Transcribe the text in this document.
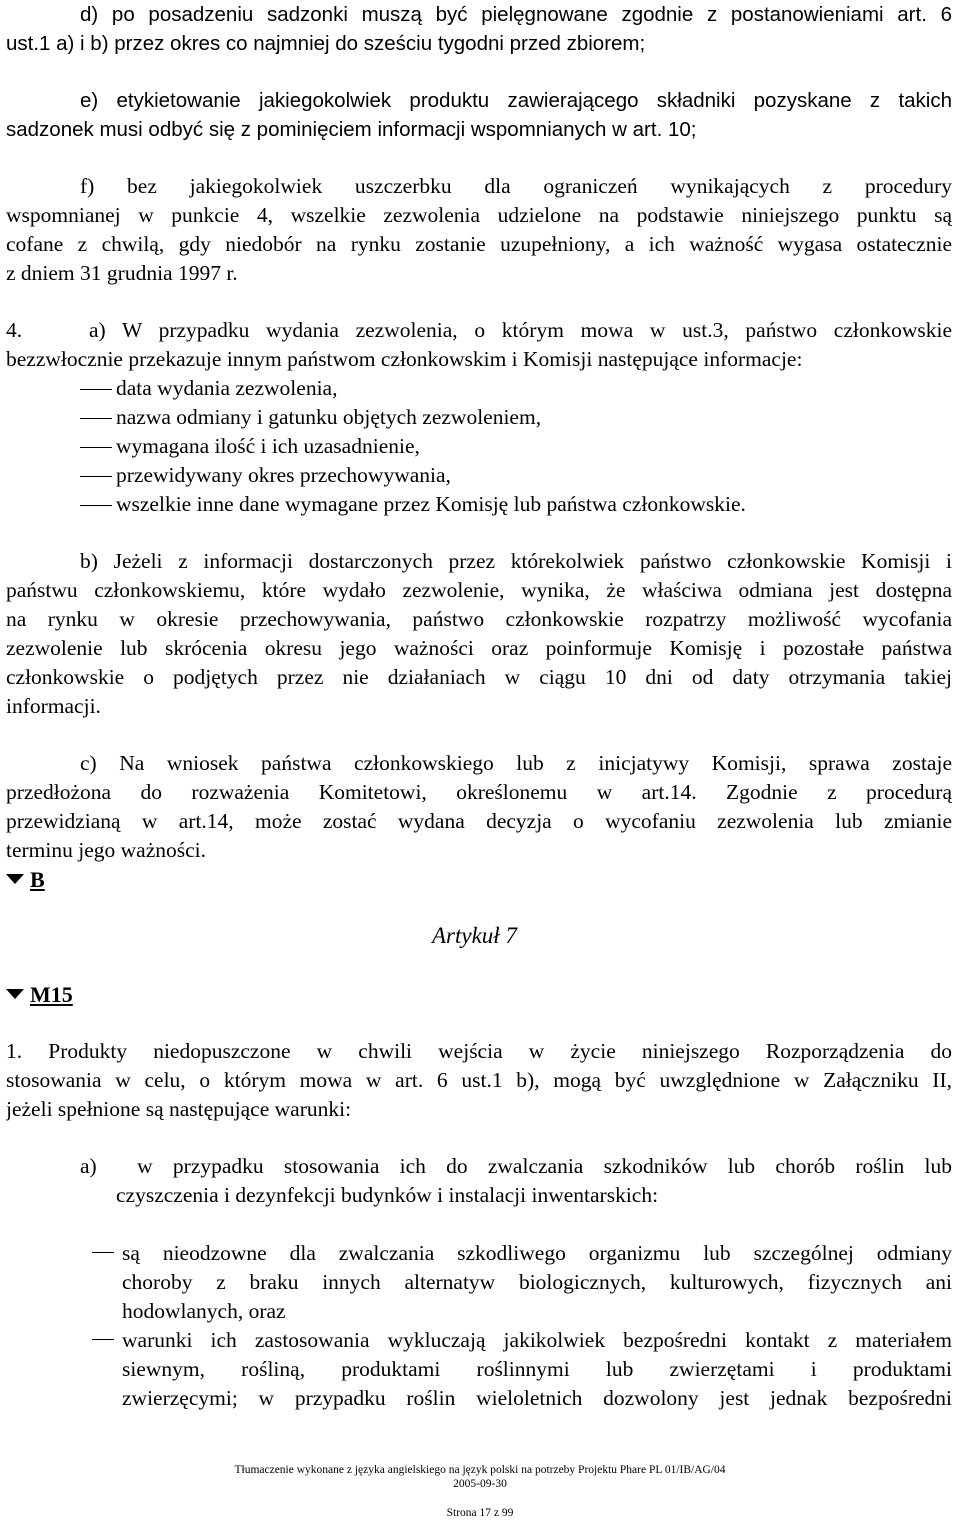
d) po posadzeniu sadzonki muszą być pielęgnowane zgodnie z postanowieniami art. 6
ust.1 a) i b) przez okres co najmniej do sześciu tygodni przed zbiorem;
e) etykietowanie jakiegokolwiek produktu zawierającego składniki pozyskane z takich
sadzonek musi odbyć się z pominięciem informacji wspomnianych w art. 10;
f) bez jakiegokolwiek uszczerbku dla ograniczeń wynikających z procedury
wspomnianej w punkcie 4, wszelkie zezwolenia udzielone na podstawie niniejszego punktu są
cofane z chwilą, gdy niedobór na rynku zostanie uzupełniony, a ich ważność wygasa ostatecznie
z dniem 31 grudnia 1997 r.
4.    a) W przypadku wydania zezwolenia, o którym mowa w ust.3, państwo członkowskie
bezzwłocznie przekazuje innym państwom członkowskim i Komisji następujące informacje:
data wydania zezwolenia,
nazwa odmiany i gatunku objętych zezwoleniem,
wymagana ilość i ich uzasadnienie,
przewidywany okres przechowywania,
wszelkie inne dane wymagane przez Komisję lub państwa członkowskie.
b) Jeżeli z informacji dostarczonych przez którekolwiek państwo członkowskie Komisji i
państwu członkowskiemu, które wydało zezwolenie, wynika, że właściwa odmiana jest dostępna
na rynku w okresie przechowywania, państwo członkowskie rozpatrzy możliwość wycofania
zezwolenie lub skrócenia okresu jego ważności oraz poinformuje Komisję i pozostałe państwa
członkowskie o podjętych przez nie działaniach w ciągu 10 dni od daty otrzymania takiej
informacji.
c) Na wniosek państwa członkowskiego lub z inicjatywy Komisji, sprawa zostaje
przedłożona do rozważenia Komitetowi, określonemu w art.14. Zgodnie z procedurą
przewidzianą w art.14, może zostać wydana decyzja o wycofaniu zezwolenia lub zmianie
terminu jego ważności.
B
Artykuł 7
M15
1. Produkty niedopuszczone w chwili wejścia w życie niniejszego Rozporządzenia do
stosowania w celu, o którym mowa w art. 6 ust.1 b), mogą być uwzględnione w Załączniku II,
jeżeli spełnione są następujące warunki:
a)  w przypadku stosowania ich do zwalczania szkodników lub chorób roślin lub
czyszczenia i dezynfekcji budynków i instalacji inwentarskich:
są nieodzowne dla zwalczania szkodliwego organizmu lub szczególnej odmiany
choroby z braku innych alternatyw biologicznych, kulturowych, fizycznych ani
hodowlanych, oraz
warunki ich zastosowania wykluczają jakikolwiek bezpośredni kontakt z materiałem
siewnym, rośliną, produktami roślinnymi lub zwierzętami i produktami
zwierzęcymi; w przypadku roślin wieloletnich dozwolony jest jednak bezpośredni
Tłumaczenie wykonane z języka angielskiego na język polski na potrzeby Projektu Phare PL 01/IB/AG/04
2005-09-30
Strona 17 z 99
